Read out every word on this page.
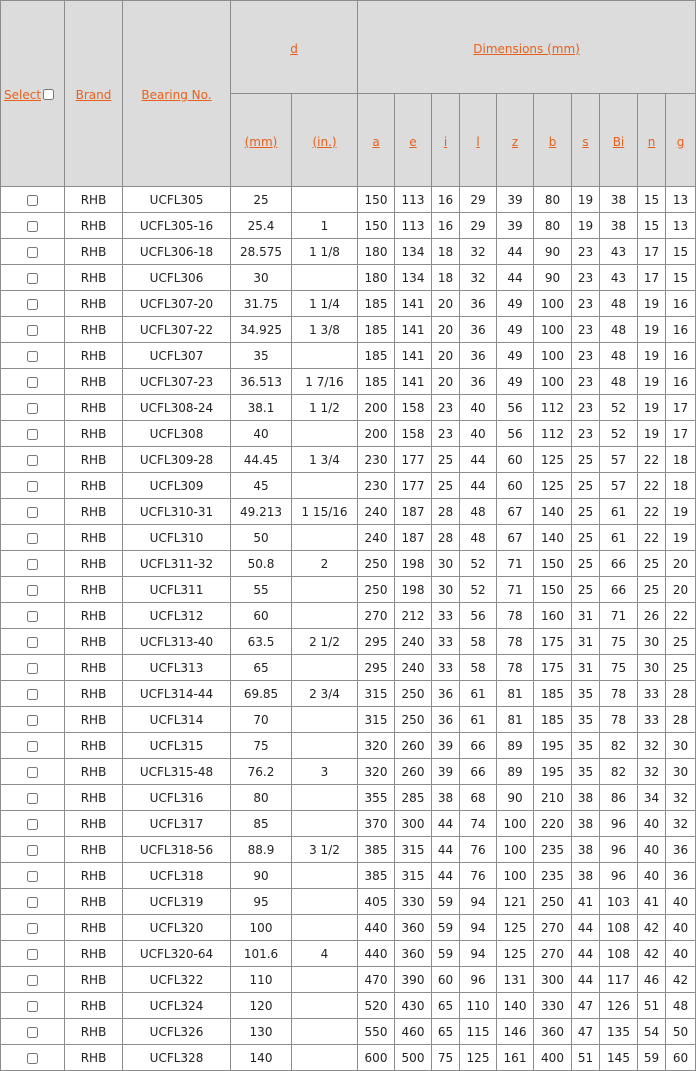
Select	Brand	Bearing No.	d		Dimensions (mm)									
			(mm)	(in.)	a	e	i	l	z	b	s	Bi	n	g
	RHB	UCFL305	25		150	113	16	29	39	80	19	38	15	13
	RHB	UCFL305-16	25.4	1	150	113	16	29	39	80	19	38	15	13
	RHB	UCFL306-18	28.575	1 1/8	180	134	18	32	44	90	23	43	17	15
	RHB	UCFL306	30		180	134	18	32	44	90	23	43	17	15
	RHB	UCFL307-20	31.75	1 1/4	185	141	20	36	49	100	23	48	19	16
	RHB	UCFL307-22	34.925	1 3/8	185	141	20	36	49	100	23	48	19	16
	RHB	UCFL307	35		185	141	20	36	49	100	23	48	19	16
	RHB	UCFL307-23	36.513	1 7/16	185	141	20	36	49	100	23	48	19	16
	RHB	UCFL308-24	38.1	1 1/2	200	158	23	40	56	112	23	52	19	17
	RHB	UCFL308	40		200	158	23	40	56	112	23	52	19	17
	RHB	UCFL309-28	44.45	1 3/4	230	177	25	44	60	125	25	57	22	18
	RHB	UCFL309	45		230	177	25	44	60	125	25	57	22	18
	RHB	UCFL310-31	49.213	1 15/16	240	187	28	48	67	140	25	61	22	19
	RHB	UCFL310	50		240	187	28	48	67	140	25	61	22	19
	RHB	UCFL311-32	50.8	2	250	198	30	52	71	150	25	66	25	20
	RHB	UCFL311	55		250	198	30	52	71	150	25	66	25	20
	RHB	UCFL312	60		270	212	33	56	78	160	31	71	26	22
	RHB	UCFL313-40	63.5	2 1/2	295	240	33	58	78	175	31	75	30	25
	RHB	UCFL313	65		295	240	33	58	78	175	31	75	30	25
	RHB	UCFL314-44	69.85	2 3/4	315	250	36	61	81	185	35	78	33	28
	RHB	UCFL314	70		315	250	36	61	81	185	35	78	33	28
	RHB	UCFL315	75		320	260	39	66	89	195	35	82	32	30
	RHB	UCFL315-48	76.2	3	320	260	39	66	89	195	35	82	32	30
	RHB	UCFL316	80		355	285	38	68	90	210	38	86	34	32
	RHB	UCFL317	85		370	300	44	74	100	220	38	96	40	32
	RHB	UCFL318-56	88.9	3 1/2	385	315	44	76	100	235	38	96	40	36
	RHB	UCFL318	90		385	315	44	76	100	235	38	96	40	36
	RHB	UCFL319	95		405	330	59	94	121	250	41	103	41	40
	RHB	UCFL320	100		440	360	59	94	125	270	44	108	42	40
	RHB	UCFL320-64	101.6	4	440	360	59	94	125	270	44	108	42	40
	RHB	UCFL322	110		470	390	60	96	131	300	44	117	46	42
	RHB	UCFL324	120		520	430	65	110	140	330	47	126	51	48
	RHB	UCFL326	130		550	460	65	115	146	360	47	135	54	50
	RHB	UCFL328	140		600	500	75	125	161	400	51	145	59	60
